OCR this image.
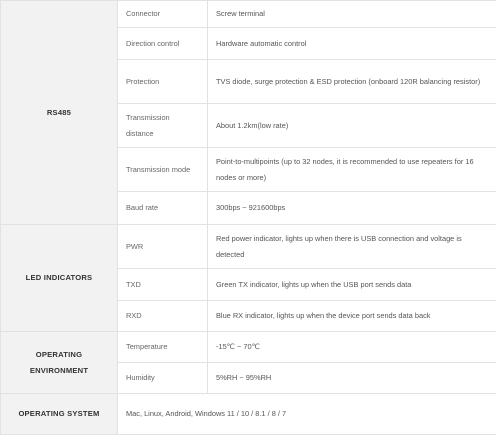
RS485	Connector	Screw terminal
	Direction control	Hardware automatic control
	Protection	TVS diode, surge protection & ESD protection (onboard 120R balancing resistor)
	Transmission distance	About 1.2km(low rate)
	Transmission mode	Point-to-multipoints (up to 32 nodes, it is recommended to use repeaters for 16 nodes or more)
	Baud rate	300bps ~ 921600bps
LED INDICATORS	PWR	Red power indicator, lights up when there is USB connection and voltage is detected
	TXD	Green TX indicator, lights up when the USB port sends data
	RXD	Blue RX indicator, lights up when the device port sends data back
OPERATING ENVIRONMENT	Temperature	-15℃ ~ 70℃
	Humidity	5%RH ~ 95%RH
OPERATING SYSTEM	Mac, Linux, Android, Windows 11 / 10 / 8.1 / 8 / 7	
